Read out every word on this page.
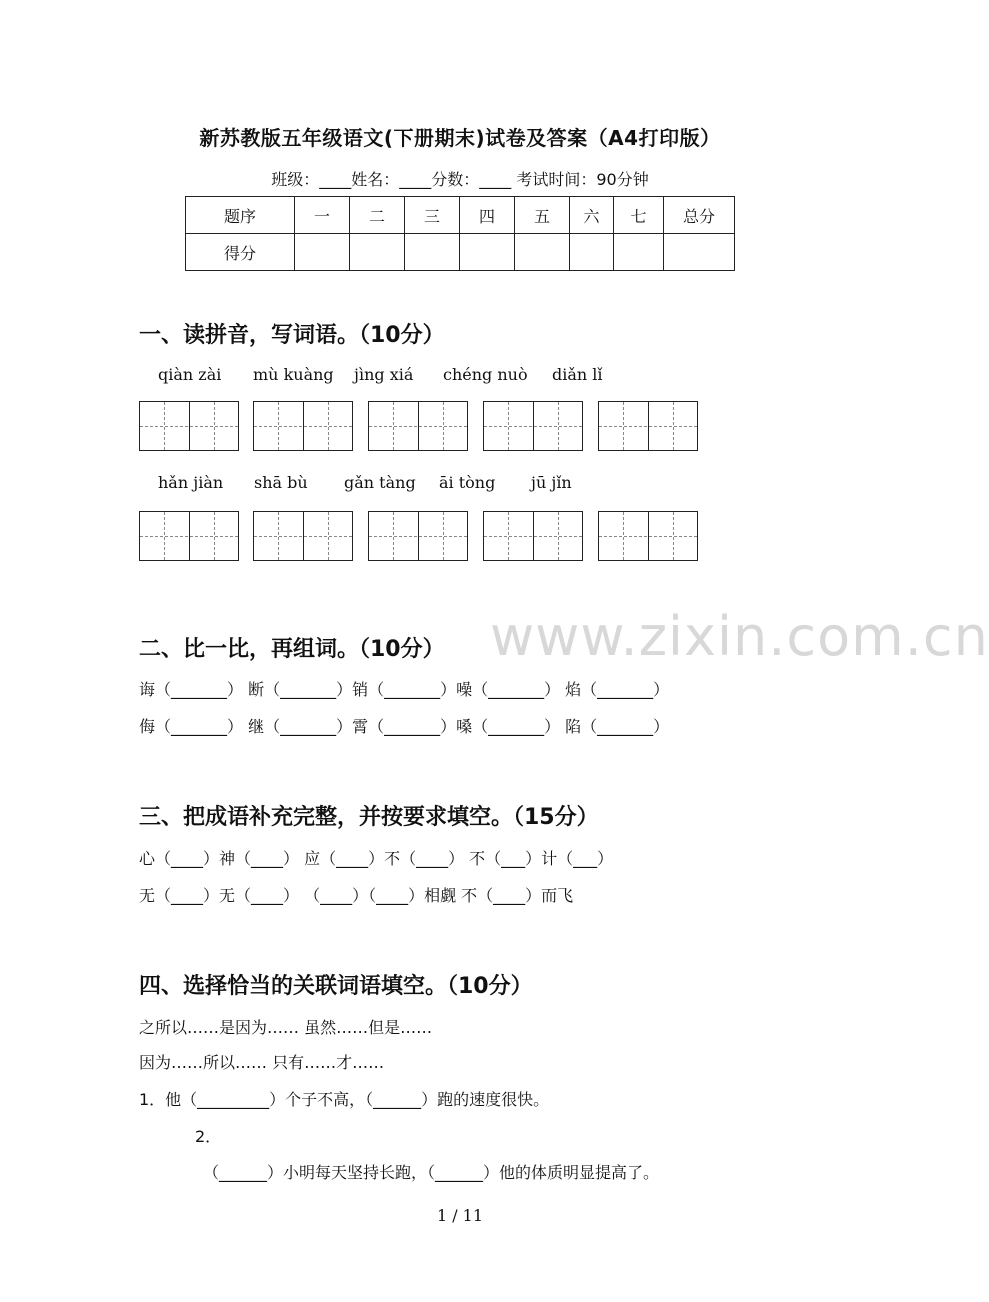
新苏教版五年级语文(下册期末)试卷及答案（A4打印版）
班级：____姓名：____分数：____ 考试时间：90分钟
题序	一	二	三	四	五	六	七	总分
得分								
一、读拼音，写词语。（10分）
qiàn zài mù kuàng jìng xiá chéng nuò diǎn lǐ
hǎn jiàn shā bù gǎn tàng āi tòng jū jǐn
www.zixin.com.cn
二、比一比，再组词。（10分）
诲（_______） 断（_______）销（_______）噪（_______） 焰（_______）
侮（_______） 继（_______）霄（_______）嗓（_______） 陷（_______）
三、把成语补充完整，并按要求填空。（15分）
心（____）神（____） 应（____）不（____） 不（___）计（___）
无（____）无（____） （____）（____）相觑 不（____）而飞
四、选择恰当的关联词语填空。（10分）
之所以……是因为…… 虽然……但是……
因为……所以…… 只有……才……
1．他（_________）个子不高，（______）跑的速度很快。
2．
（______）小明每天坚持长跑，（______）他的体质明显提高了。
1 / 11
